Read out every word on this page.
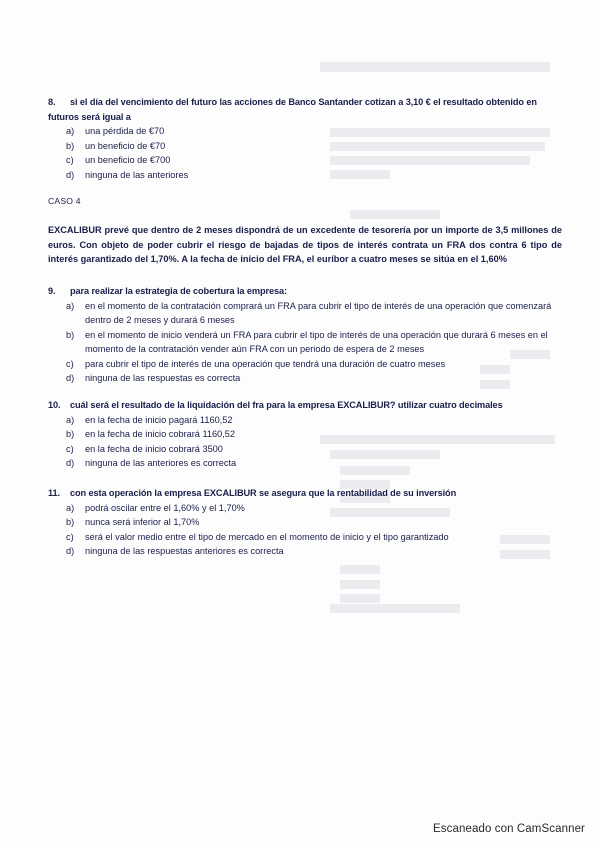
8. si el día del vencimiento del futuro las acciones de Banco Santander cotizan a 3,10 € el resultado obtenido en futuros será igual a
a)	una pérdida de €70
b)	un beneficio de €70
c)	un beneficio de €700
d)	ninguna de las anteriores
CASO 4
EXCALIBUR prevé que dentro de 2 meses dispondrá de un excedente de tesorería por un importe de 3,5 millones de euros. Con objeto de poder cubrir el riesgo de bajadas de tipos de interés contrata un FRA dos contra 6 tipo de interés garantizado del 1,70%. A la fecha de inicio del FRA, el euríbor a cuatro meses se sitúa en el 1,60%
9. para realizar la estrategia de cobertura la empresa:
a)	en el momento de la contratación comprará un FRA para cubrir el tipo de interés de una operación que comenzará dentro de 2 meses y durará 6 meses
b)	en el momento de inicio venderá un FRA para cubrir el tipo de interés de una operación que durará 6 meses en el momento de la contratación vender aún FRA con un periodo de espera de 2 meses
c)	para cubrir el tipo de interés de una operación que tendrá una duración de cuatro meses
d)	ninguna de las respuestas es correcta
10. cuál será el resultado de la liquidación del fra para la empresa EXCALIBUR? utilizar cuatro decimales
a)	en la fecha de inicio pagará 1160,52
b)	en la fecha de inicio cobrará 1160,52
c)	en la fecha de inicio cobrará 3500
d)	ninguna de las anteriores es correcta
11. con esta operación la empresa EXCALIBUR se asegura que la rentabilidad de su inversión
a)	podrá oscilar entre el 1,60% y el 1,70%
b)	nunca será inferior al 1,70%
c)	será el valor medio entre el tipo de mercado en el momento de inicio y el tipo garantizado
d)	ninguna de las respuestas anteriores es correcta
Escaneado con CamScanner
